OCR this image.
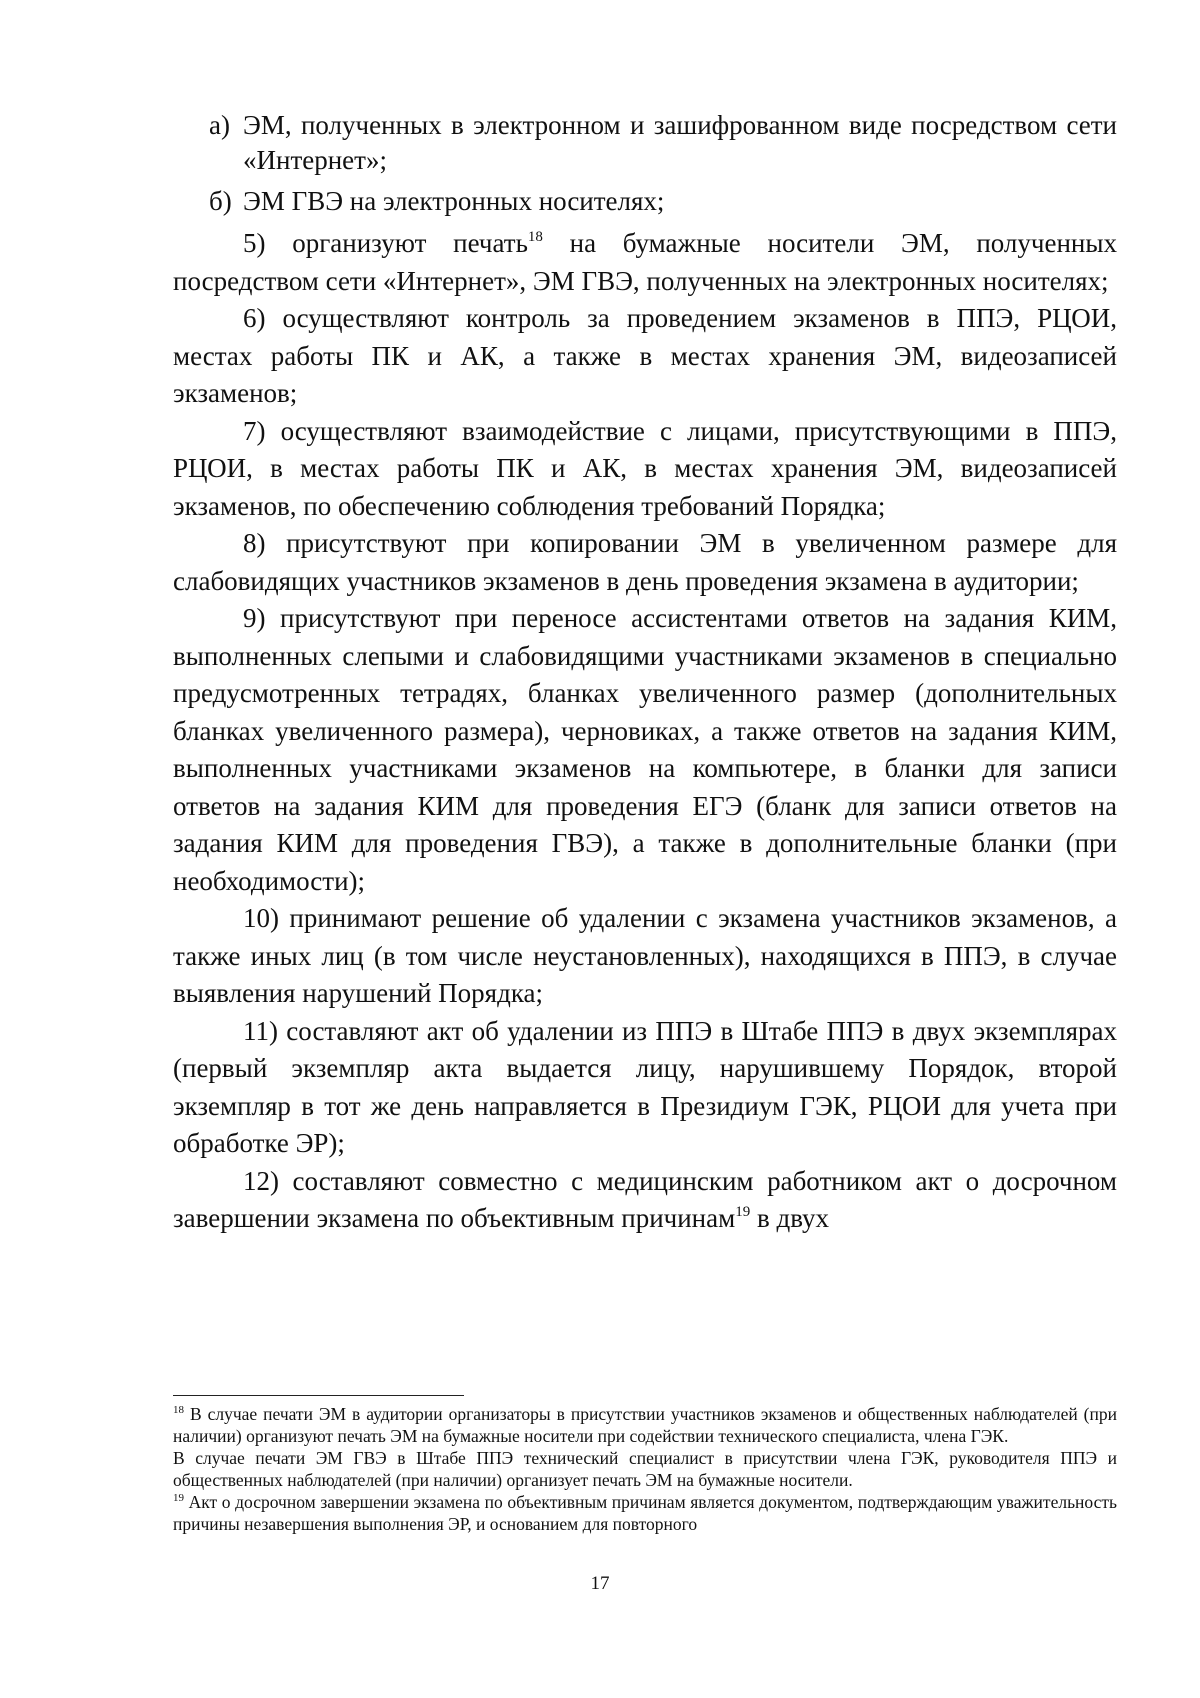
а) ЭМ, полученных в электронном и зашифрованном виде посредством сети «Интернет»;
б) ЭМ ГВЭ на электронных носителях;

5) организуют печать$^{18}$ на бумажные носители ЭМ, полученных посредством сети «Интернет», ЭМ ГВЭ, полученных на электронных носителях;

6) осуществляют контроль за проведением экзаменов в ППЭ, РЦОИ, местах работы ПК и АК, а также в местах хранения ЭМ, видеозаписей экзаменов;

7) осуществляют взаимодействие с лицами, присутствующими в ППЭ, РЦОИ, в местах работы ПК и АК, в местах хранения ЭМ, видеозаписей экзаменов, по обеспечению соблюдения требований Порядка;

8) присутствуют при копировании ЭМ в увеличенном размере для слабовидящих участников экзаменов в день проведения экзамена в аудитории;

9) присутствуют при переносе ассистентами ответов на задания КИМ, выполненных слепыми и слабовидящими участниками экзаменов в специально предусмотренных тетрадях, бланках увеличенного размер (дополнительных бланках увеличенного размера), черновиках, а также ответов на задания КИМ, выполненных участниками экзаменов на компьютере, в бланки для записи ответов на задания КИМ для проведения ЕГЭ (бланк для записи ответов на задания КИМ для проведения ГВЭ), а также в дополнительные бланки (при необходимости);

10) принимают решение об удалении с экзамена участников экзаменов, а также иных лиц (в том числе неустановленных), находящихся в ППЭ, в случае выявления нарушений Порядка;

11) составляют акт об удалении из ППЭ в Штабе ППЭ в двух экземплярах (первый экземпляр акта выдается лицу, нарушившему Порядок, второй экземпляр в тот же день направляется в Президиум ГЭК, РЦОИ для учета при обработке ЭР);

12) составляют совместно с медицинским работником акт о досрочном завершении экзамена по объективным причинам$^{19}$ в двух

$^{18}$ В случае печати ЭМ в аудитории организаторы в присутствии участников экзаменов и общественных наблюдателей (при наличии) организуют печать ЭМ на бумажные носители при содействии технического специалиста, члена ГЭК.

В случае печати ЭМ ГВЭ в Штабе ППЭ технический специалист в присутствии члена ГЭК, руководителя ППЭ и общественных наблюдателей (при наличии) организует печать ЭМ на бумажные носители.

$^{19}$ Акт о досрочном завершении экзамена по объективным причинам является документом, подтверждающим уважительность причины незавершения выполнения ЭР, и основанием для повторного

17
